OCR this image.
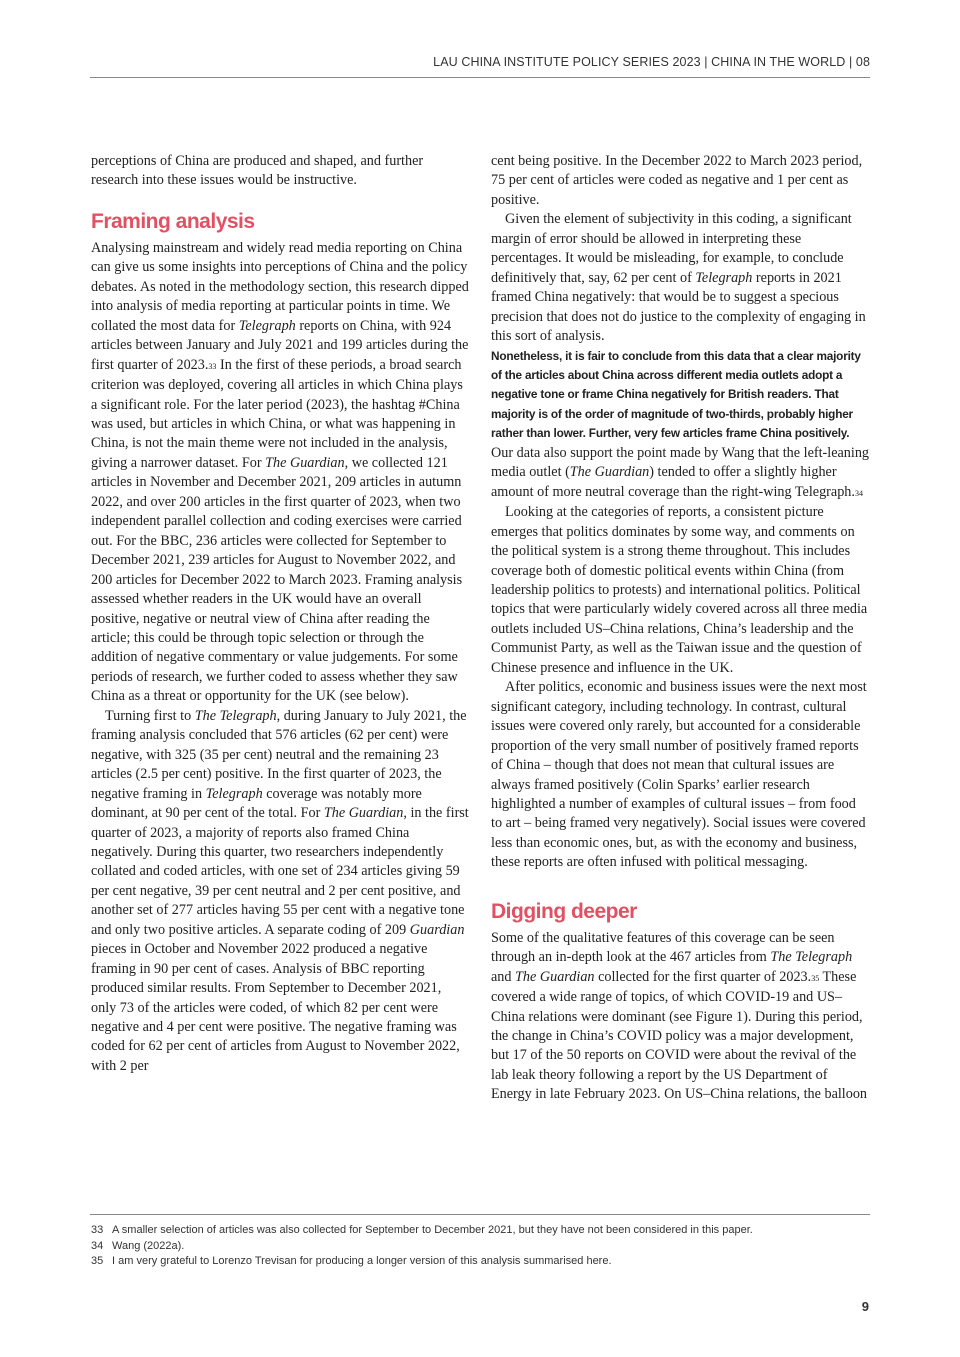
LAU CHINA INSTITUTE POLICY SERIES 2023 | CHINA IN THE WORLD | 08

perceptions of China are produced and shaped, and further research into these issues would be instructive.

Framing analysis

Analysing mainstream and widely read media reporting on China can give us some insights into perceptions of China and the policy debates. As noted in the methodology section, this research dipped into analysis of media reporting at particular points in time. We collated the most data for Telegraph reports on China, with 924 articles between January and July 2021 and 199 articles during the first quarter of 2023.33 In the first of these periods, a broad search criterion was deployed, covering all articles in which China plays a significant role. For the later period (2023), the hashtag #China was used, but articles in which China, or what was happening in China, is not the main theme were not included in the analysis, giving a narrower dataset. For The Guardian, we collected 121 articles in November and December 2021, 209 articles in autumn 2022, and over 200 articles in the first quarter of 2023, when two independent parallel collection and coding exercises were carried out. For the BBC, 236 articles were collected for September to December 2021, 239 articles for August to November 2022, and 200 articles for December 2022 to March 2023. Framing analysis assessed whether readers in the UK would have an overall positive, negative or neutral view of China after reading the article; this could be through topic selection or through the addition of negative commentary or value judgements. For some periods of research, we further coded to assess whether they saw China as a threat or opportunity for the UK (see below).

Turning first to The Telegraph, during January to July 2021, the framing analysis concluded that 576 articles (62 per cent) were negative, with 325 (35 per cent) neutral and the remaining 23 articles (2.5 per cent) positive. In the first quarter of 2023, the negative framing in Telegraph coverage was notably more dominant, at 90 per cent of the total. For The Guardian, in the first quarter of 2023, a majority of reports also framed China negatively. During this quarter, two researchers independently collated and coded articles, with one set of 234 articles giving 59 per cent negative, 39 per cent neutral and 2 per cent positive, and another set of 277 articles having 55 per cent with a negative tone and only two positive articles. A separate coding of 209 Guardian pieces in October and November 2022 produced a negative framing in 90 per cent of cases. Analysis of BBC reporting produced similar results. From September to December 2021, only 73 of the articles were coded, of which 82 per cent were negative and 4 per cent were positive. The negative framing was coded for 62 per cent of articles from August to November 2022, with 2 per

cent being positive. In the December 2022 to March 2023 period, 75 per cent of articles were coded as negative and 1 per cent as positive.

Given the element of subjectivity in this coding, a significant margin of error should be allowed in interpreting these percentages. It would be misleading, for example, to conclude definitively that, say, 62 per cent of Telegraph reports in 2021 framed China negatively: that would be to suggest a specious precision that does not do justice to the complexity of engaging in this sort of analysis.

Nonetheless, it is fair to conclude from this data that a clear majority of the articles about China across different media outlets adopt a negative tone or frame China negatively for British readers. That majority is of the order of magnitude of two-thirds, probably higher rather than lower. Further, very few articles frame China positively. Our data also support the point made by Wang that the left-leaning media outlet (The Guardian) tended to offer a slightly higher amount of more neutral coverage than the right-wing Telegraph.34

Looking at the categories of reports, a consistent picture emerges that politics dominates by some way, and comments on the political system is a strong theme throughout. This includes coverage both of domestic political events within China (from leadership politics to protests) and international politics. Political topics that were particularly widely covered across all three media outlets included US–China relations, China’s leadership and the Communist Party, as well as the Taiwan issue and the question of Chinese presence and influence in the UK.

After politics, economic and business issues were the next most significant category, including technology. In contrast, cultural issues were covered only rarely, but accounted for a considerable proportion of the very small number of positively framed reports of China – though that does not mean that cultural issues are always framed positively (Colin Sparks’ earlier research highlighted a number of examples of cultural issues – from food to art – being framed very negatively). Social issues were covered less than economic ones, but, as with the economy and business, these reports are often infused with political messaging.

Digging deeper

Some of the qualitative features of this coverage can be seen through an in-depth look at the 467 articles from The Telegraph and The Guardian collected for the first quarter of 2023.35 These covered a wide range of topics, of which COVID-19 and US–China relations were dominant (see Figure 1). During this period, the change in China’s COVID policy was a major development, but 17 of the 50 reports on COVID were about the revival of the lab leak theory following a report by the US Department of Energy in late February 2023. On US–China relations, the balloon

33 A smaller selection of articles was also collected for September to December 2021, but they have not been considered in this paper.
34 Wang (2022a).
35 I am very grateful to Lorenzo Trevisan for producing a longer version of this analysis summarised here.
9
